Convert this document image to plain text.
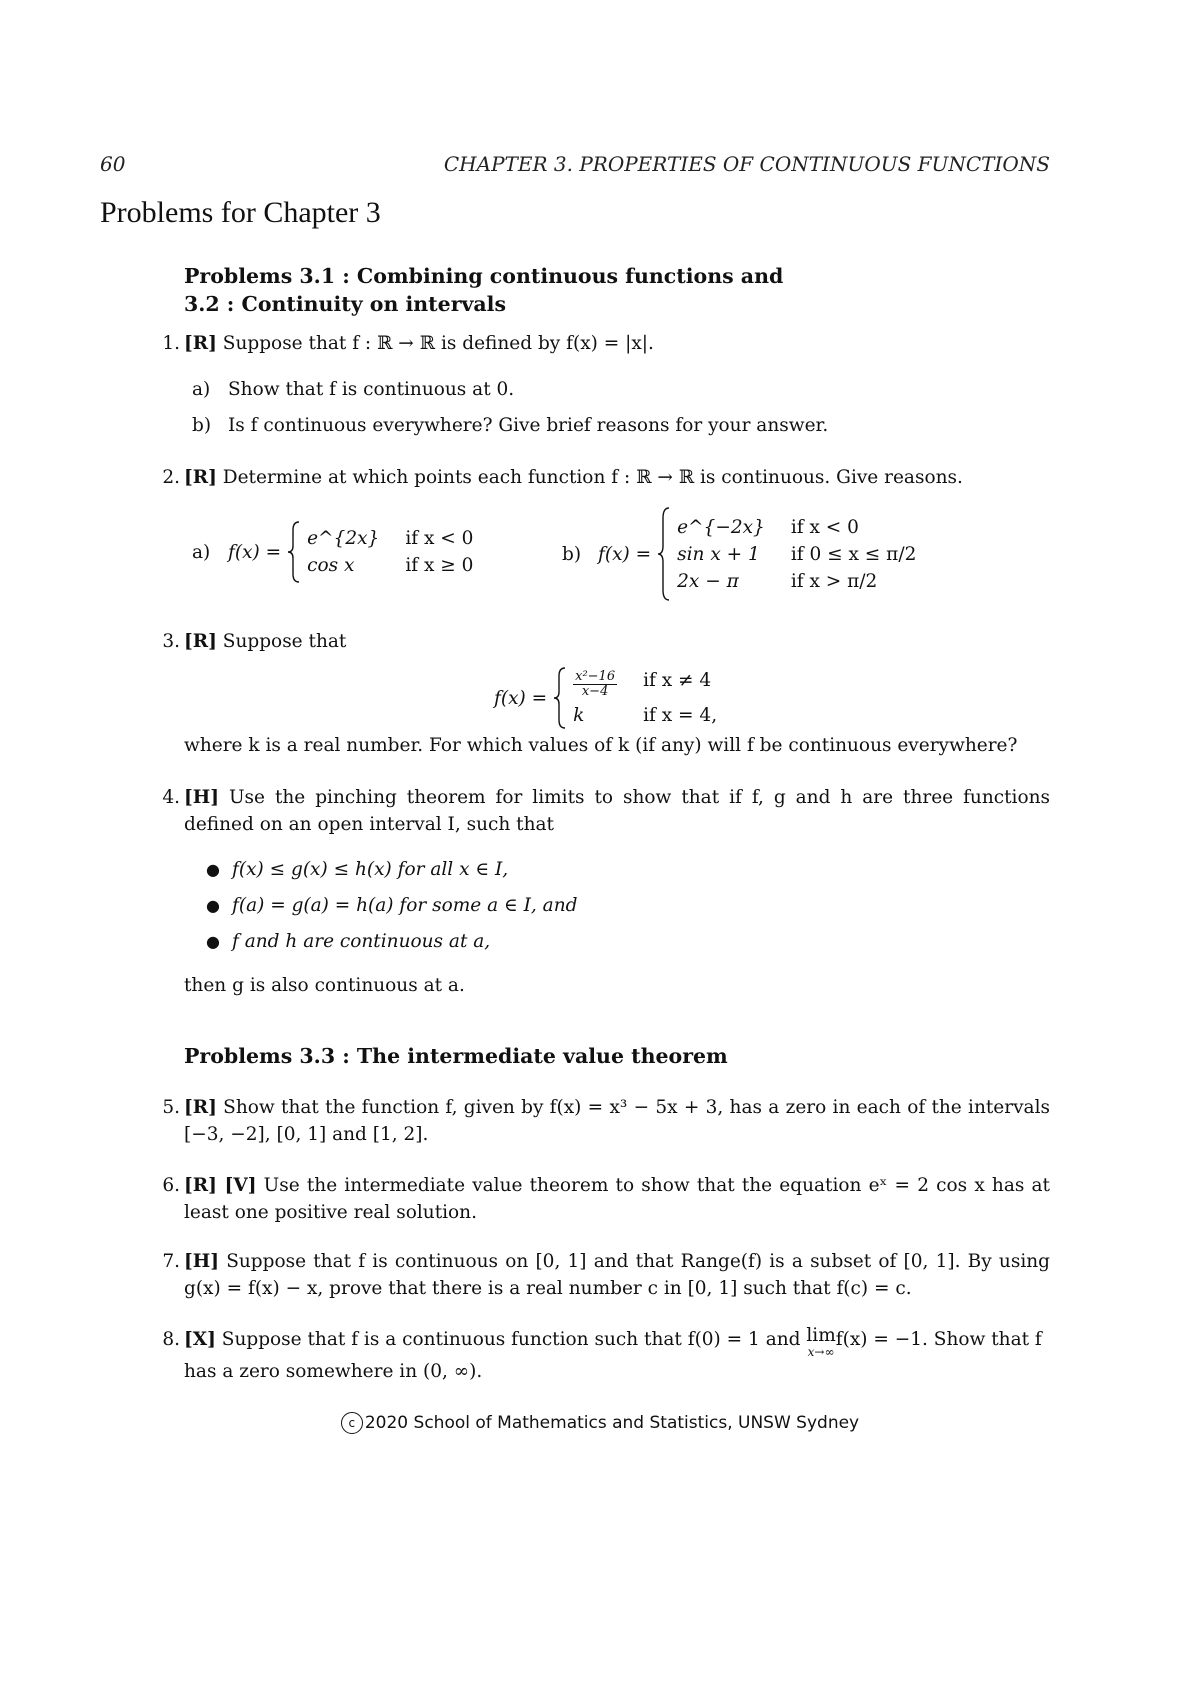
60	CHAPTER 3. PROPERTIES OF CONTINUOUS FUNCTIONS
Problems for Chapter 3
Problems 3.1 : Combining continuous functions and
3.2 : Continuity on intervals
1. [R] Suppose that f : ℝ → ℝ is defined by f(x) = |x|.
a) Show that f is continuous at 0.
b) Is f continuous everywhere? Give brief reasons for your answer.
2. [R] Determine at which points each function f : ℝ → ℝ is continuous. Give reasons.
a) f(x) =
e^{2x} if x < 0
cos x	if x ≥ 0
b) f(x) =
e^{−2x} if x < 0
sin x + 1 if 0 ≤ x ≤ π/2
2x − π	if x > π/2
3. [R] Suppose that
$f(x) = \frac{\text{x²−16}}{x-4}$ if x ≠ 4
k	if x = 4,
where k is a real number. For which values of k (if any) will f be continuous everywhere?
4. [H] Use the pinching theorem for limits to show that if f, g and h are three functions defined on an open interval I, such that
● f(x) ≤ g(x) ≤ h(x) for all x ∈ I,
● f(a) = g(a) = h(a) for some a ∈ I, and
● f and h are continuous at a,
then g is also continuous at a.
Problems 3.3 : The intermediate value theorem
5. [R] Show that the function f, given by f(x) = x³ − 5x + 3, has a zero in each of the intervals [−3, −2], [0, 1] and [1, 2].
6. [R] [V] Use the intermediate value theorem to show that the equation eˣ = 2 cos x has at least one positive real solution.
7. [H] Suppose that f is continuous on [0, 1] and that Range(f) is a subset of [0, 1]. By using g(x) = f(x) − x, prove that there is a real number c in [0, 1] such that f(c) = c.
8. [X] Suppose that f is a continuous function such that f(0) = 1 and lim
x→∞
f(x) = −1. Show that f has a zero somewhere in (0, ∞).
c 2020 School of Mathematics and Statistics, UNSW Sydney
